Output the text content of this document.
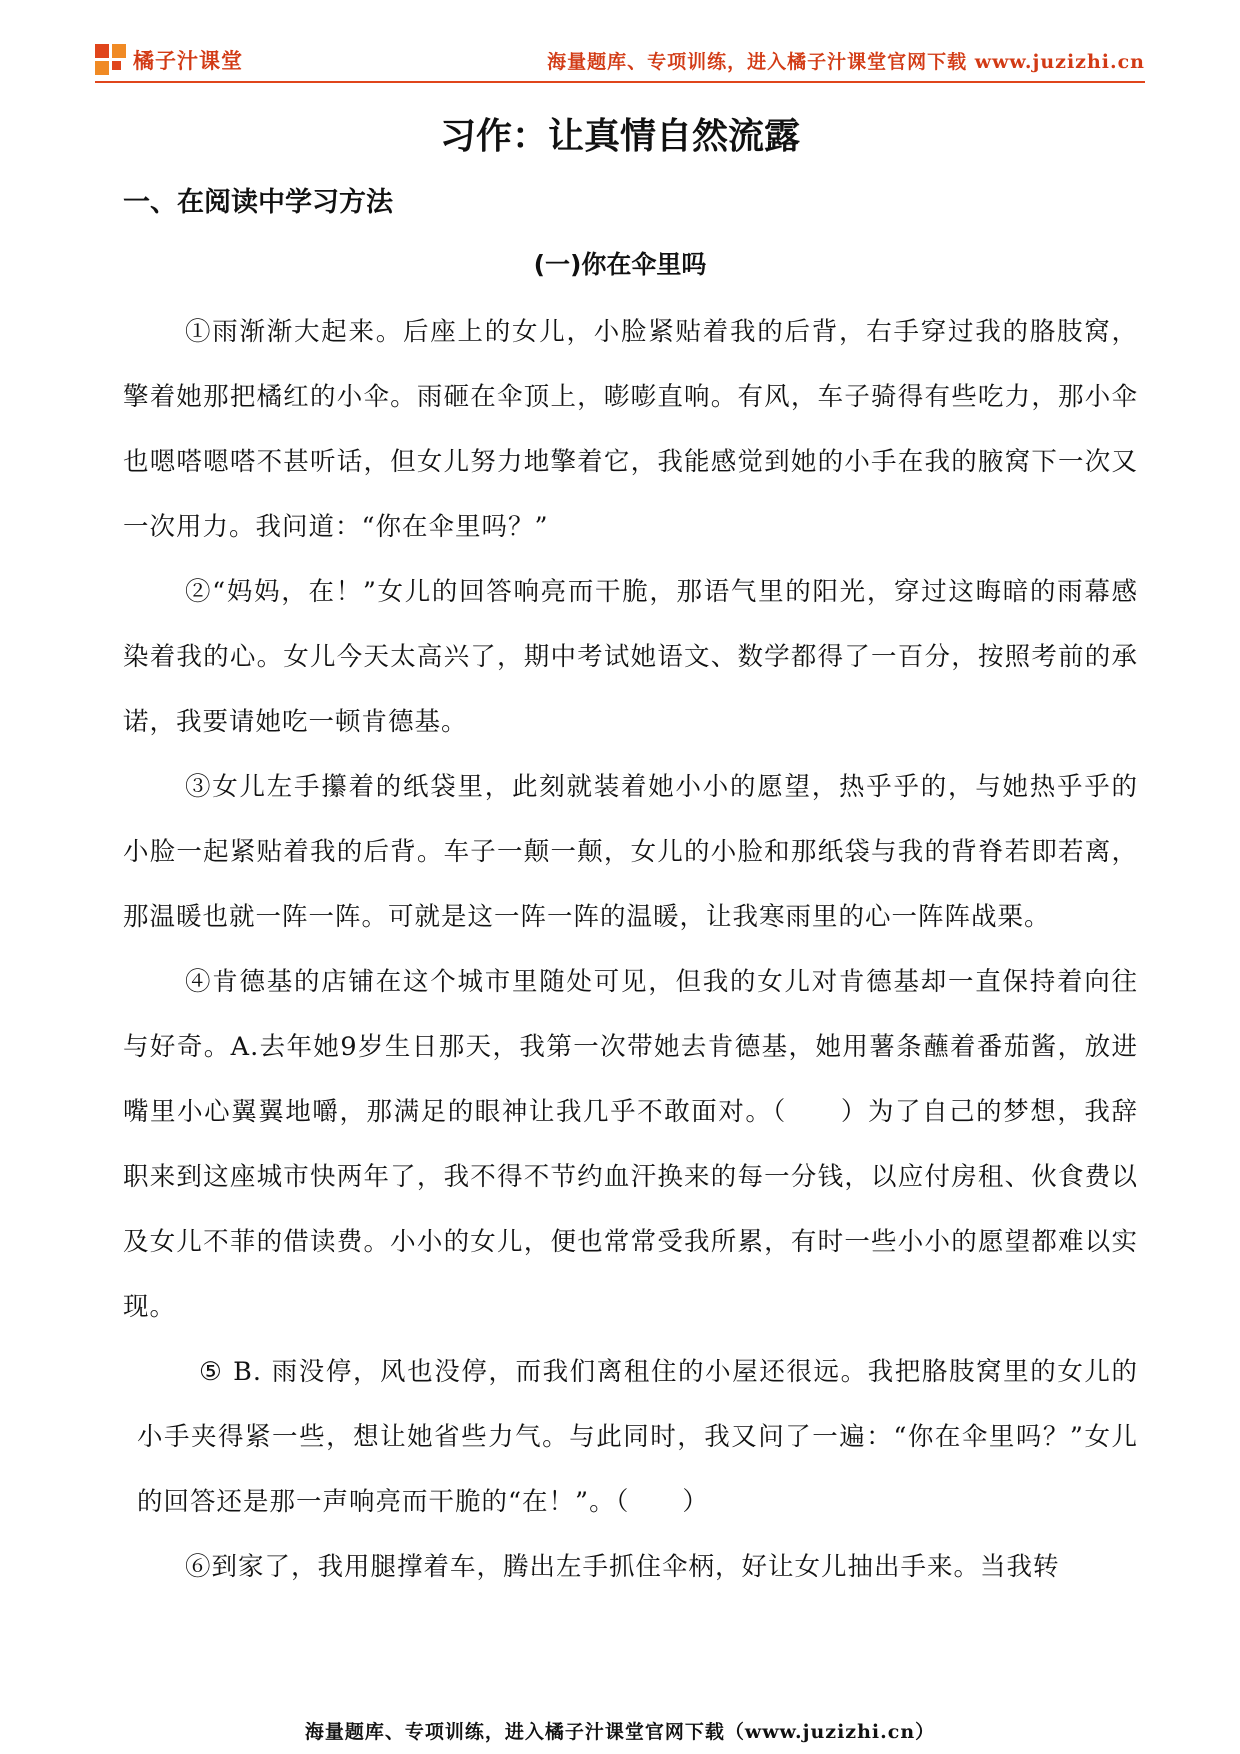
橘子汁课堂	海量题库、专项训练，进入橘子汁课堂官网下载 www.juzizhi.cn
习作：让真情自然流露
一、在阅读中学习方法
(一)你在伞里吗

①雨渐渐大起来。后座上的女儿，小脸紧贴着我的后背，右手穿过我的胳肢窝，擎着她那把橘红的小伞。雨砸在伞顶上，嘭嘭直响。有风，车子骑得有些吃力，那小伞也嗯嗒嗯嗒不甚听话，但女儿努力地擎着它，我能感觉到她的小手在我的腋窝下一次又一次用力。我问道：“你在伞里吗？”

②“妈妈，在！”女儿的回答响亮而干脆，那语气里的阳光，穿过这晦暗的雨幕感染着我的心。女儿今天太高兴了，期中考试她语文、数学都得了一百分，按照考前的承诺，我要请她吃一顿肯德基。

③女儿左手攥着的纸袋里，此刻就装着她小小的愿望，热乎乎的，与她热乎乎的小脸一起紧贴着我的后背。车子一颠一颠，女儿的小脸和那纸袋与我的背脊若即若离，那温暖也就一阵一阵。可就是这一阵一阵的温暖，让我寒雨里的心一阵阵战栗。

④肯德基的店铺在这个城市里随处可见，但我的女儿对肯德基却一直保持着向往与好奇。A.去年她9岁生日那天，我第一次带她去肯德基，她用薯条蘸着番茄酱，放进嘴里小心翼翼地嚼，那满足的眼神让我几乎不敢面对。（　　）为了自己的梦想，我辞职来到这座城市快两年了，我不得不节约血汗换来的每一分钱，以应付房租、伙食费以及女儿不菲的借读费。小小的女儿，便也常常受我所累，有时一些小小的愿望都难以实现。

⑤ B. 雨没停，风也没停，而我们离租住的小屋还很远。我把胳肢窝里的女儿的小手夹得紧一些，想让她省些力气。与此同时，我又问了一遍：“你在伞里吗？”女儿的回答还是那一声响亮而干脆的“在！”。（　　）

⑥到家了，我用腿撑着车，腾出左手抓住伞柄，好让女儿抽出手来。当我转

海量题库、专项训练，进入橘子汁课堂官网下载（www.juzizhi.cn）
